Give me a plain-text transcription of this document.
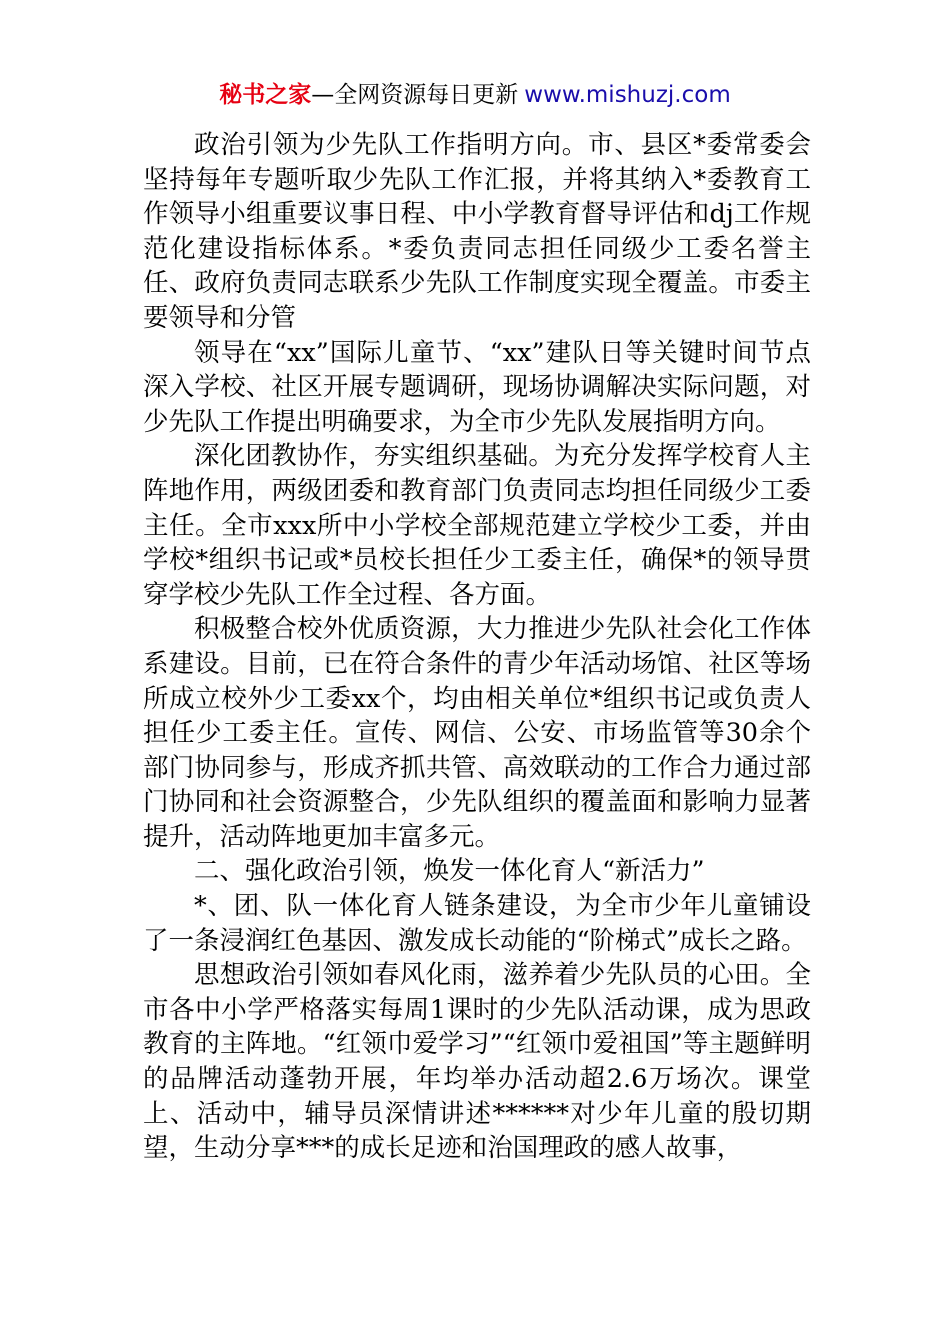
秘书之家—全网资源每日更新 www.mishuzj.com

政治引领为少先队工作指明方向。市、县区*委常委会坚持每年专题听取少先队工作汇报，并将其纳入*委教育工作领导小组重要议事日程、中小学教育督导评估和dj工作规范化建设指标体系。*委负责同志担任同级少工委名誉主任、政府负责同志联系少先队工作制度实现全覆盖。市委主要领导和分管

领导在“xx”国际儿童节、“xx”建队日等关键时间节点深入学校、社区开展专题调研，现场协调解决实际问题，对少先队工作提出明确要求，为全市少先队发展指明方向。

深化团教协作，夯实组织基础。为充分发挥学校育人主阵地作用，两级团委和教育部门负责同志均担任同级少工委主任。全市xxx所中小学校全部规范建立学校少工委，并由学校*组织书记或*员校长担任少工委主任，确保*的领导贯穿学校少先队工作全过程、各方面。

积极整合校外优质资源，大力推进少先队社会化工作体系建设。目前，已在符合条件的青少年活动场馆、社区等场所成立校外少工委xx个，均由相关单位*组织书记或负责人担任少工委主任。宣传、网信、公安、市场监管等30余个部门协同参与，形成齐抓共管、高效联动的工作合力通过部门协同和社会资源整合，少先队组织的覆盖面和影响力显著提升，活动阵地更加丰富多元。

二、强化政治引领，焕发一体化育人“新活力”

*、团、队一体化育人链条建设，为全市少年儿童铺设了一条浸润红色基因、激发成长动能的“阶梯式”成长之路。

思想政治引领如春风化雨，滋养着少先队员的心田。全市各中小学严格落实每周1课时的少先队活动课，成为思政教育的主阵地。“红领巾爱学习”“红领巾爱祖国”等主题鲜明的品牌活动蓬勃开展，年均举办活动超2.6万场次。课堂上、活动中，辅导员深情讲述******对少年儿童的殷切期望，生动分享***的成长足迹和治国理政的感人故事，
